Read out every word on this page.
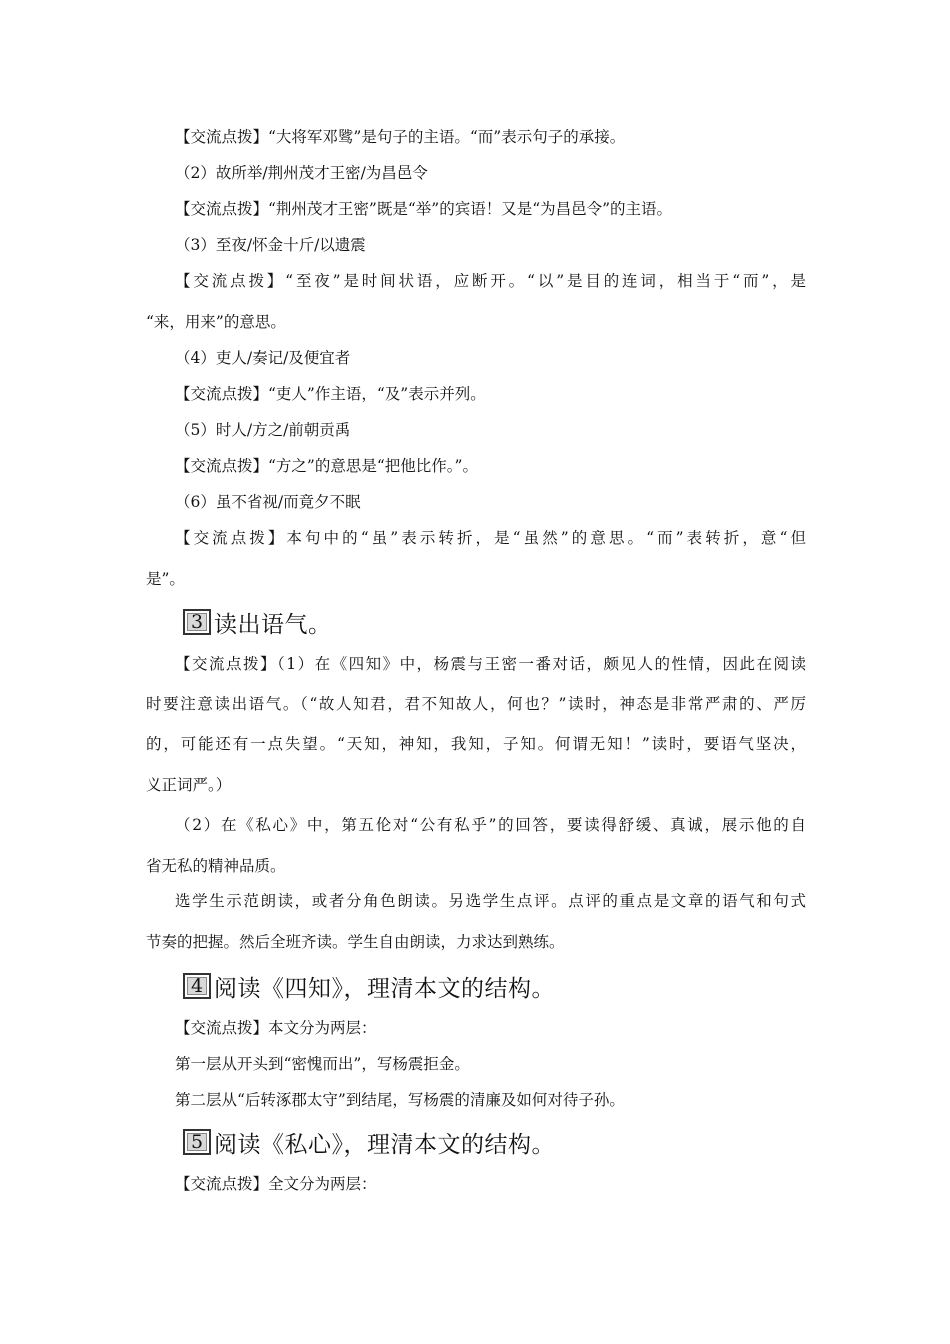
【交流点拨】“大将军邓骘”是句子的主语。“而”表示句子的承接。
（2）故所举/荆州茂才王密/为昌邑令
【交流点拨】“荆州茂才王密”既是“举”的宾语！又是“为昌邑令”的主语。
（3）至夜/怀金十斤/以遗震
【交流点拨】“至夜”是时间状语，应断开。“以”是目的连词，相当于“而”，是
“来，用来”的意思。
（4）吏人/奏记/及便宜者
【交流点拨】“吏人”作主语，“及”表示并列。
（5）时人/方之/前朝贡禹
【交流点拨】“方之”的意思是“把他比作。”。
（6）虽不省视/而竟夕不眠
【交流点拨】本句中的“虽”表示转折，是“虽然”的意思。“而”表转折，意“但
是”。
3 读出语气。
【交流点拨】（1）在《四知》中，杨震与王密一番对话，颇见人的性情，因此在阅读
时要注意读出语气。（“故人知君，君不知故人，何也？”读时，神态是非常严肃的、严厉
的，可能还有一点失望。“天知，神知，我知，子知。何谓无知！”读时，要语气坚决，
义正词严。）
（2）在《私心》中，第五伦对“公有私乎”的回答，要读得舒缓、真诚，展示他的自
省无私的精神品质。
选学生示范朗读，或者分角色朗读。另选学生点评。点评的重点是文章的语气和句式
节奏的把握。然后全班齐读。学生自由朗读，力求达到熟练。
4 阅读《四知》，理清本文的结构。
【交流点拨】本文分为两层：
第一层从开头到“密愧而出”，写杨震拒金。
第二层从“后转涿郡太守”到结尾，写杨震的清廉及如何对待子孙。
5 阅读《私心》，理清本文的结构。
【交流点拨】全文分为两层：
